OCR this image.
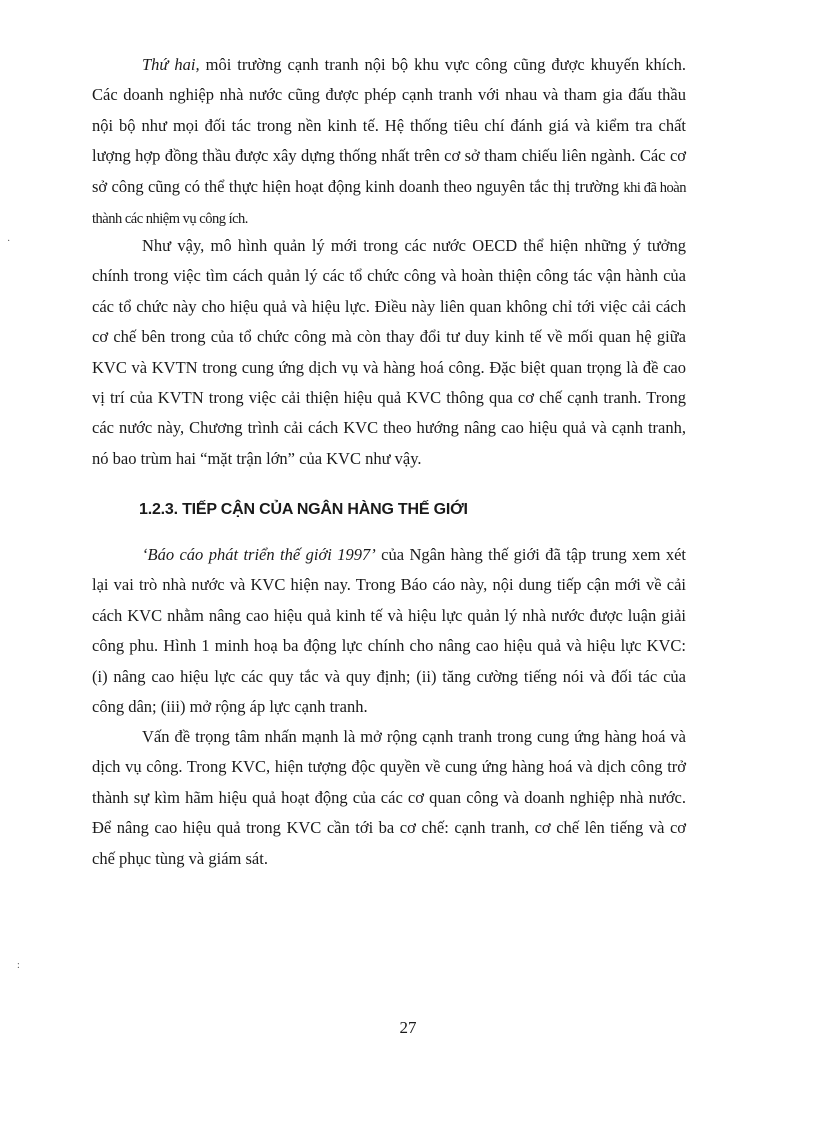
Thứ hai, môi trường cạnh tranh nội bộ khu vực công cũng được khuyến khích. Các doanh nghiệp nhà nước cũng được phép cạnh tranh với nhau và tham gia đấu thầu nội bộ như mọi đối tác trong nền kinh tế. Hệ thống tiêu chí đánh giá và kiểm tra chất lượng hợp đồng thầu được xây dựng thống nhất trên cơ sở tham chiếu liên ngành. Các cơ sở công cũng có thể thực hiện hoạt động kinh doanh theo nguyên tắc thị trường khi đã hoàn thành các nhiệm vụ công ích.

Như vậy, mô hình quản lý mới trong các nước OECD thể hiện những ý tưởng chính trong việc tìm cách quản lý các tổ chức công và hoàn thiện công tác vận hành của các tổ chức này cho hiệu quả và hiệu lực. Điều này liên quan không chỉ tới việc cải cách cơ chế bên trong của tổ chức công mà còn thay đổi tư duy kinh tế về mối quan hệ giữa KVC và KVTN trong cung ứng dịch vụ và hàng hoá công. Đặc biệt quan trọng là đề cao vị trí của KVTN trong việc cải thiện hiệu quả KVC thông qua cơ chế cạnh tranh. Trong các nước này, Chương trình cải cách KVC theo hướng nâng cao hiệu quả và cạnh tranh, nó bao trùm hai “mặt trận lớn” của KVC như vậy.

1.2.3. TIẾP CẬN CỦA NGÂN HÀNG THẾ GIỚI

‘Báo cáo phát triển thế giới 1997’ của Ngân hàng thế giới đã tập trung xem xét lại vai trò nhà nước và KVC hiện nay. Trong Báo cáo này, nội dung tiếp cận mới về cải cách KVC nhằm nâng cao hiệu quả kinh tế và hiệu lực quản lý nhà nước được luận giải công phu. Hình 1 minh hoạ ba động lực chính cho nâng cao hiệu quả và hiệu lực KVC: (i) nâng cao hiệu lực các quy tắc và quy định; (ii) tăng cường tiếng nói và đối tác của công dân; (iii) mở rộng áp lực cạnh tranh.

Vấn đề trọng tâm nhấn mạnh là mở rộng cạnh tranh trong cung ứng hàng hoá và dịch vụ công. Trong KVC, hiện tượng độc quyền về cung ứng hàng hoá và dịch công trở thành sự kìm hãm hiệu quả hoạt động của các cơ quan công và doanh nghiệp nhà nước. Để nâng cao hiệu quả trong KVC cần tới ba cơ chế: cạnh tranh, cơ chế lên tiếng và cơ chế phục tùng và giám sát.

27
·
:
